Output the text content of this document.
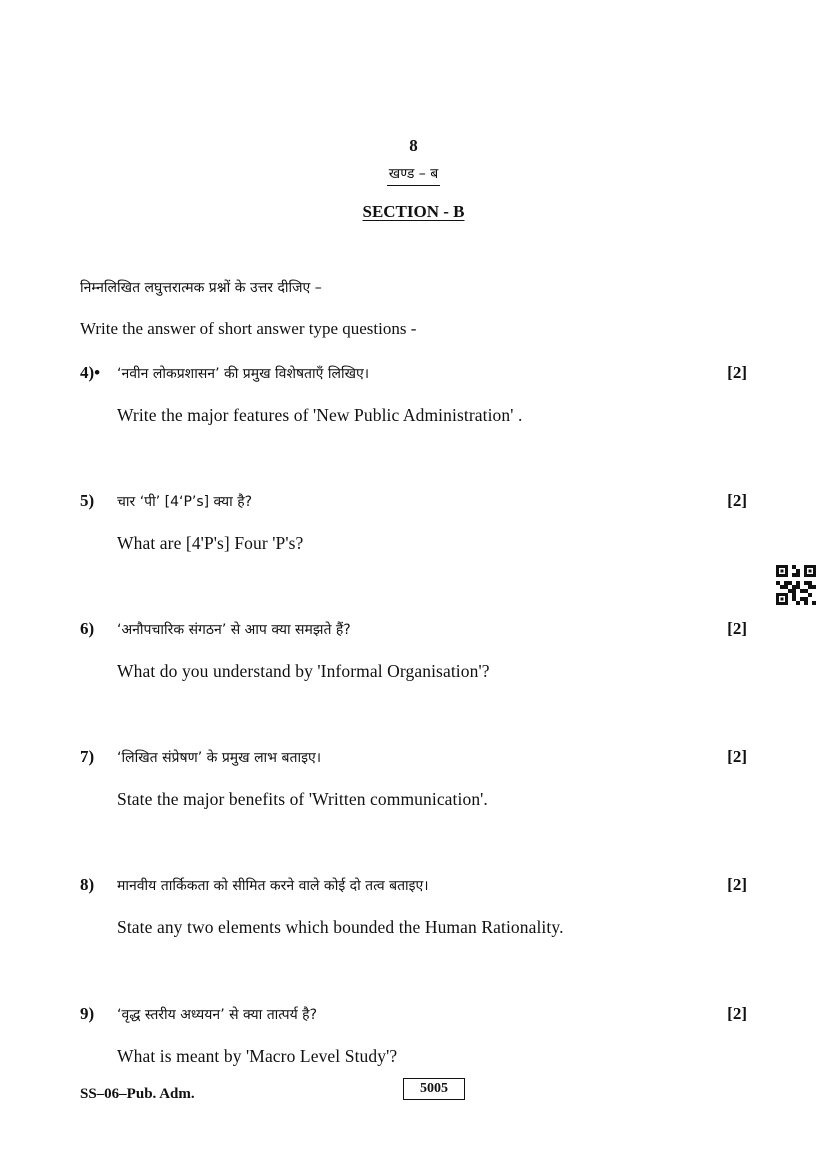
8
खण्ड – ब
SECTION - B
निम्नलिखित लघुत्तरात्मक प्रश्नों के उत्तर दीजिए –
Write the answer of short answer type questions -
4)• ‘नवीन लोकप्रशासन’ की प्रमुख विशेषताएँ लिखिए।	[2]
Write the major features of 'New Public Administration' .
5) चार ‘पी’ [4‘P’s] क्या है?	[2]
What are [4'P's] Four 'P's?
6) ‘अनौपचारिक संगठन’ से आप क्या समझते हैं?	[2]
What do you understand by 'Informal Organisation'?
7) ‘लिखित संप्रेषण’ के प्रमुख लाभ बताइए।	[2]
State the major benefits of 'Written communication'.
8) मानवीय तार्किकता को सीमित करने वाले कोई दो तत्व बताइए।	[2]
State any two elements which bounded the Human Rationality.
9) ‘वृद्ध स्तरीय अध्ययन’ से क्या तात्पर्य है?	[2]
What is meant by 'Macro Level Study'?
SS–06–Pub. Adm.	5005
